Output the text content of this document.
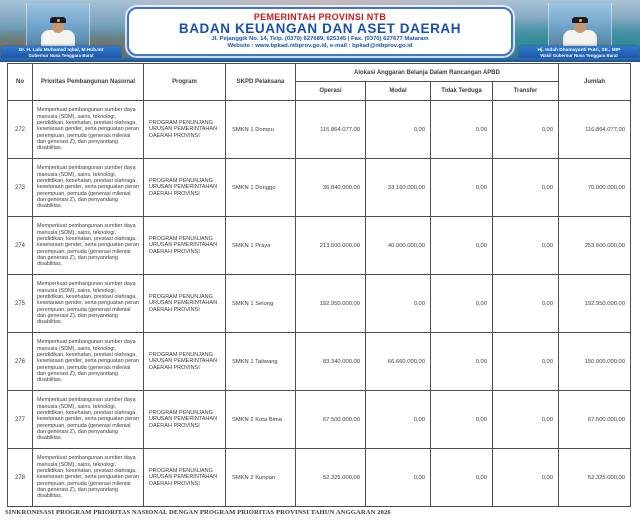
Dr. H. Lalu Muhamad Iqbal, M.Hub.Int
Gubernur Nusa Tenggara Barat
Hj. Indah Dhamayanti Putri, SE., MIP
Wakil Gubernur Nusa Tenggara Barat
PEMERINTAH PROVINSI NTB
BADAN KEUANGAN DAN ASET DAERAH
Jl. Pejanggik No. 14, Telp. (0370) 627689, 625345 | Fax. (0370) 627677 Mataram
Website : www.bpkad.ntbprov.go.id, e-mail : bpkad@ntbprov.go.id
No	Prioritas Pembangunan Nasional	Program	SKPD Pelaksana	Alokasi Anggaran Belanja Dalam Rancangan APBD				Jumlah
				Operasi	Modal	Tidak Terduga	Transfer	
272	Memperkuat pembangunan sumber daya manusia (SDM), sains, teknologi, pendidikan, kesehatan, prestasi olahraga, kesetaraan gender, serta penguatan peran perempuan, pemuda (generasi milenial dan generasi Z), dan penyandang disabilitas.	PROGRAM PENUNJANG URUSAN PEMERINTAHAN DAERAH PROVINSI	SMKN 1 Dompu	116.864.077,00	0,00	0,00	0,00	116.864.077,00
273	Memperkuat pembangunan sumber daya manusia (SDM), sains, teknologi, pendidikan, kesehatan, prestasi olahraga, kesetaraan gender, serta penguatan peran perempuan, pemuda (generasi milenial dan generasi Z), dan penyandang disabilitas.	PROGRAM PENUNJANG URUSAN PEMERINTAHAN DAERAH PROVINSI	SMKN 1 Donggo	36.840.000,00	33.160.000,00	0,00	0,00	70.000.000,00
274	Memperkuat pembangunan sumber daya manusia (SDM), sains, teknologi, pendidikan, kesehatan, prestasi olahraga, kesetaraan gender, serta penguatan peran perempuan, pemuda (generasi milenial dan generasi Z), dan penyandang disabilitas.	PROGRAM PENUNJANG URUSAN PEMERINTAHAN DAERAH PROVINSI	SMKN 1 Praya	213.600.000,00	40.000.000,00	0,00	0,00	253.600.000,00
275	Memperkuat pembangunan sumber daya manusia (SDM), sains, teknologi, pendidikan, kesehatan, prestasi olahraga, kesetaraan gender, serta penguatan peran perempuan, pemuda (generasi milenial dan generasi Z), dan penyandang disabilitas.	PROGRAM PENUNJANG URUSAN PEMERINTAHAN DAERAH PROVINSI	SMKN 1 Selong	192.950.000,00	0,00	0,00	0,00	192.950.000,00
276	Memperkuat pembangunan sumber daya manusia (SDM), sains, teknologi, pendidikan, kesehatan, prestasi olahraga, kesetaraan gender, serta penguatan peran perempuan, pemuda (generasi milenial dan generasi Z), dan penyandang disabilitas.	PROGRAM PENUNJANG URUSAN PEMERINTAHAN DAERAH PROVINSI	SMKN 1 Taliwang	83.340.000,00	66.660.000,00	0,00	0,00	150.000.000,00
277	Memperkuat pembangunan sumber daya manusia (SDM), sains, teknologi, pendidikan, kesehatan, prestasi olahraga, kesetaraan gender, serta penguatan peran perempuan, pemuda (generasi milenial dan generasi Z), dan penyandang disabilitas.	PROGRAM PENUNJANG URUSAN PEMERINTAHAN DAERAH PROVINSI	SMKN 2 Kota Bima	67.500.000,00	0,00	0,00	0,00	67.500.000,00
278	Memperkuat pembangunan sumber daya manusia (SDM), sains, teknologi, pendidikan, kesehatan, prestasi olahraga, kesetaraan gender, serta penguatan peran perempuan, pemuda (generasi milenial dan generasi Z), dan penyandang disabilitas.	PROGRAM PENUNJANG URUSAN PEMERINTAHAN DAERAH PROVINSI	SMKN 2 Kuripan	52.325.000,00	0,00	0,00	0,00	52.325.000,00
SINKRONISASI PROGRAM PRIORITAS NASIONAL DENGAN PROGRAM PRIORITAS PROVINSI TAHUN ANGGARAN 2026
